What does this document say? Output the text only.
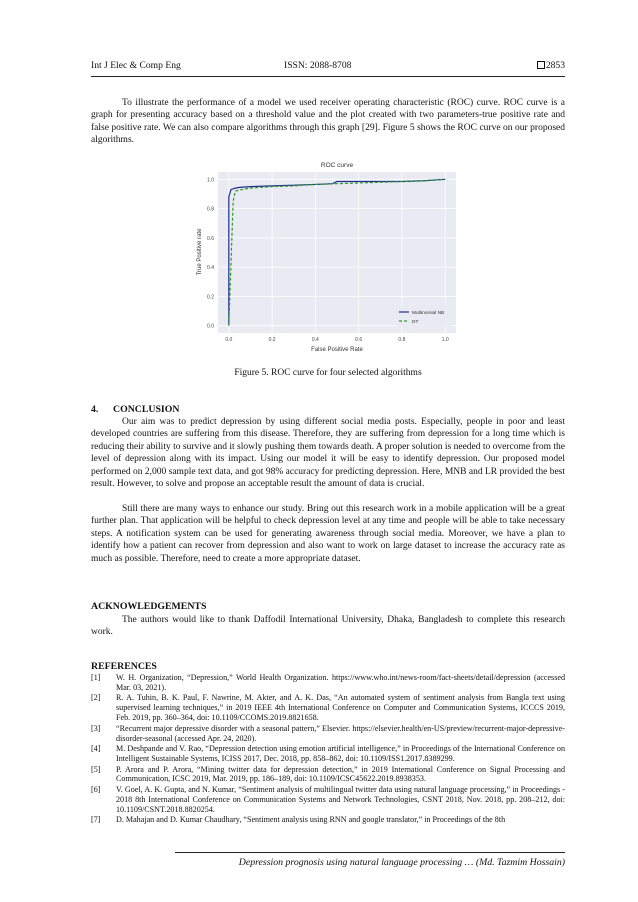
Int J Elec & Comp Eng	ISSN: 2088-8708	2853

To illustrate the performance of a model we used receiver operating characteristic (ROC) curve. ROC curve is a graph for presenting accuracy based on a threshold value and the plot created with two parameters-true positive rate and false positive rate. We can also compare algorithms through this graph [29]. Figure 5 shows the ROC curve on our proposed algorithms.

ROC curve
0.0	0.2	0.4	0.6	0.8	1.0
0.0
0.2
0.4
0.6
0.8
1.0
Multinomial NB
DT
False Positive Rate
True Positive rate
Figure 5. ROC curve for four selected algorithms
4. CONCLUSION

Our aim was to predict depression by using different social media posts. Especially, people in poor and least developed countries are suffering from this disease. Therefore, they are suffering from depression for a long time which is reducing their ability to survive and it slowly pushing them towards death. A proper solution is needed to overcome from the level of depression along with its impact. Using our model it will be easy to identify depression. Our proposed model performed on 2,000 sample text data, and got 98% accuracy for predicting depression. Here, MNB and LR provided the best result. However, to solve and propose an acceptable result the amount of data is crucial.

Still there are many ways to enhance our study. Bring out this research work in a mobile application will be a great further plan. That application will be helpful to check depression level at any time and people will be able to take necessary steps. A notification system can be used for generating awareness through social media. Moreover, we have a plan to identify how a patient can recover from depression and also want to work on large dataset to increase the accuracy rate as much as possible. Therefore, need to create a more appropriate dataset.

ACKNOWLEDGEMENTS

The authors would like to thank Daffodil International University, Dhaka, Bangladesh to complete this research work.

REFERENCES
[1]	W. H. Organization, “Depression,” World Health Organization. https://www.who.int/news-room/fact-sheets/detail/depression (accessed Mar. 03, 2021).
[2]	R. A. Tuhin, B. K. Paul, F. Nawrine, M. Akter, and A. K. Das, “An automated system of sentiment analysis from Bangla text using supervised learning techniques,” in 2019 IEEE 4th International Conference on Computer and Communication Systems, ICCCS 2019, Feb. 2019, pp. 360–364, doi: 10.1109/CCOMS.2019.8821658.
[3]	“Recurrent major depressive disorder with a seasonal pattern,” Elsevier. https://elsevier.health/en-US/preview/recurrent-major-depressive-disorder-seasonal (accessed Apr. 24, 2020).
[4]	M. Deshpande and V. Rao, “Depression detection using emotion artificial intelligence,” in Proceedings of the International Conference on Intelligent Sustainable Systems, ICISS 2017, Dec. 2018, pp. 858–862, doi: 10.1109/ISS1.2017.8389299.
[5]	P. Arora and P. Arora, “Mining twitter data for depression detection,” in 2019 International Conference on Signal Processing and Communication, ICSC 2019, Mar. 2019, pp. 186–189, doi: 10.1109/ICSC45622.2019.8938353.
[6]	V. Goel, A. K. Gupta, and N. Kumar, “Sentiment analysis of multilingual twitter data using natural language processing,” in Proceedings - 2018 8th International Conference on Communication Systems and Network Technologies, CSNT 2018, Nov. 2018, pp. 208–212, doi: 10.1109/CSNT.2018.8820254.
[7]	D. Mahajan and D. Kumar Chaudhary, “Sentiment analysis using RNN and google translator,” in Proceedings of the 8th
Depression prognosis using natural language processing … (Md. Tazmim Hossain)
